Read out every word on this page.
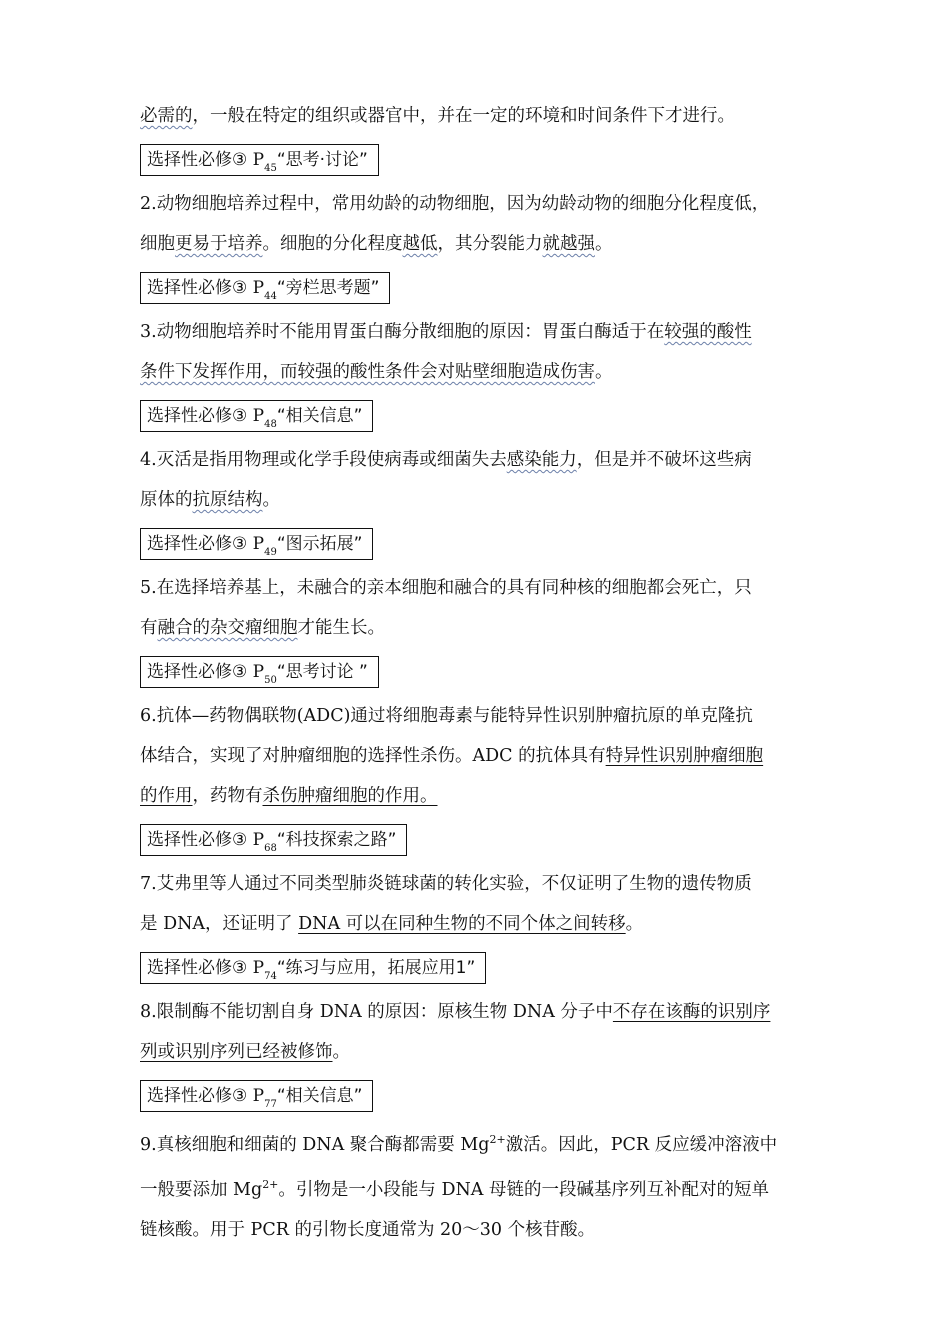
必需的，一般在特定的组织或器官中，并在一定的环境和时间条件下才进行。
选择性必修③ $P_{45}“$思考·讨论”
2.动物细胞培养过程中，常用幼龄的动物细胞，因为幼龄动物的细胞分化程度低，
细胞更易于培养。细胞的分化程度越低，其分裂能力就越强。
选择性必修③ $P_{44}“$旁栏思考题”
3.动物细胞培养时不能用胃蛋白酶分散细胞的原因：胃蛋白酶适于在较强的酸性
条件下发挥作用，而较强的酸性条件会对贴壁细胞造成伤害。
选择性必修③ $P_{48}“$相关信息”
4.灭活是指用物理或化学手段使病毒或细菌失去感染能力，但是并不破坏这些病
原体的抗原结构。
选择性必修③ $P_{49}“$图示拓展”
5.在选择培养基上，未融合的亲本细胞和融合的具有同种核的细胞都会死亡，只
有融合的杂交瘤细胞才能生长。
选择性必修③ $P_{50}“$思考讨论 ”
6.抗体—药物偶联物(ADC)通过将细胞毒素与能特异性识别肿瘤抗原的单克隆抗
体结合，实现了对肿瘤细胞的选择性杀伤。ADC 的抗体具有特异性识别肿瘤细胞
的作用，药物有杀伤肿瘤细胞的作用。
选择性必修③ $P_{68}“$科技探索之路”
7.艾弗里等人通过不同类型肺炎链球菌的转化实验，不仅证明了生物的遗传物质
是 DNA，还证明了 DNA 可以在同种生物的不同个体之间转移。
选择性必修③ $P_{74}“$练习与应用，拓展应用1”
8.限制酶不能切割自身 DNA 的原因：原核生物 DNA 分子中不存在该酶的识别序
列或识别序列已经被修饰。
选择性必修③ $P_{77}“$相关信息”
9.真核细胞和细菌的 DNA 聚合酶都需要 $Mg^{2+}$激活。因此，PCR 反应缓冲溶液中
一般要添加 $Mg^{2+}$。引物是一小段能与 DNA 母链的一段碱基序列互补配对的短单
链核酸。用于 PCR 的引物长度通常为 20～30 个核苷酸。
